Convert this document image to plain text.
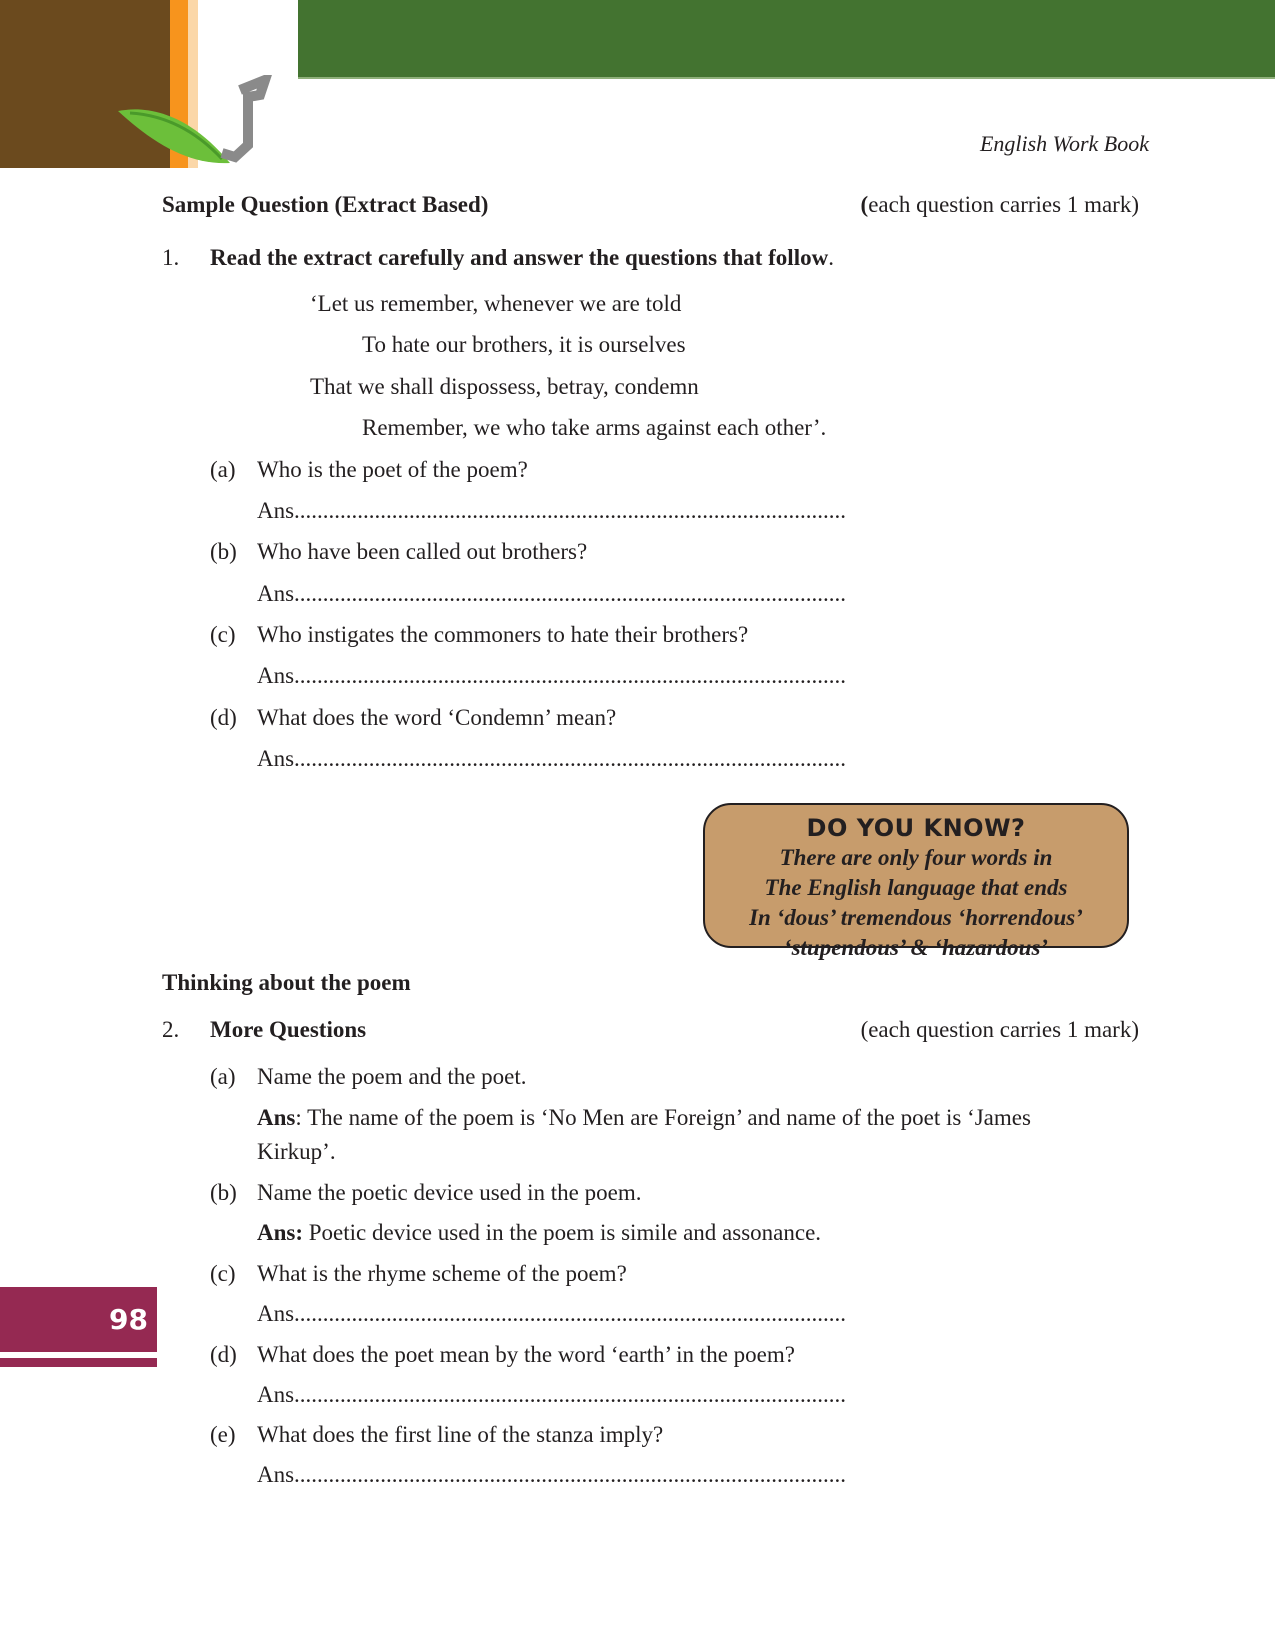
English Work Book
Sample Question (Extract Based)	(each question carries 1 mark)
1. Read the extract carefully and answer the questions that follow.
‘Let us remember, whenever we are told
To hate our brothers, it is ourselves
That we shall dispossess, betray, condemn
Remember, we who take arms against each other’.
(a) Who is the poet of the poem?
Ans................................................................................................
(b) Who have been called out brothers?
Ans................................................................................................
(c) Who instigates the commoners to hate their brothers?
Ans................................................................................................
(d) What does the word ‘Condemn’ mean?
Ans................................................................................................
DO YOU KNOW?
There are only four words in
The English language that ends
In ‘dous’ tremendous ‘horrendous’
‘stupendous’ & ‘hazardous’
Thinking about the poem
2. More Questions	(each question carries 1 mark)
(a) Name the poem and the poet.
Ans: The name of the poem is ‘No Men are Foreign’ and name of the poet is ‘James
Kirkup’.
(b) Name the poetic device used in the poem.
Ans: Poetic device used in the poem is simile and assonance.
(c) What is the rhyme scheme of the poem?
Ans................................................................................................
(d) What does the poet mean by the word ‘earth’ in the poem?
Ans................................................................................................
(e) What does the first line of the stanza imply?
Ans................................................................................................
98
